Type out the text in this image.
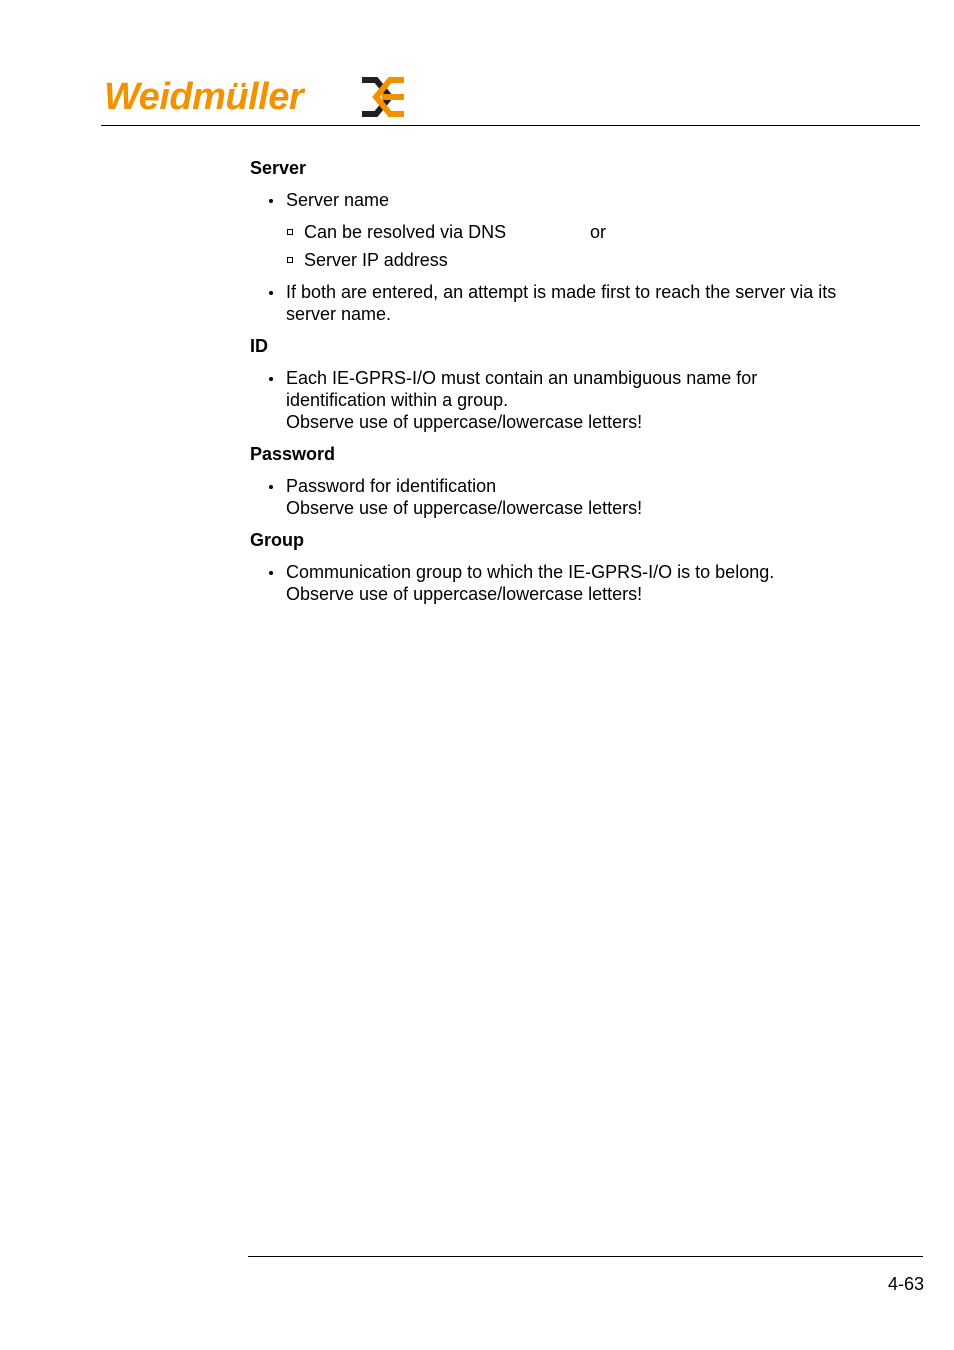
Weidmüller
Server
Server name
Can be resolved via DNS	or
Server IP address
If both are entered, an attempt is made first to reach the server via its server name.
ID
Each IE-GPRS-I/O must contain an unambiguous name for identification within a group.
Observe use of uppercase/lowercase letters!
Password
Password for identification
Observe use of uppercase/lowercase letters!
Group
Communication group to which the IE-GPRS-I/O is to belong.
Observe use of uppercase/lowercase letters!
4-63
